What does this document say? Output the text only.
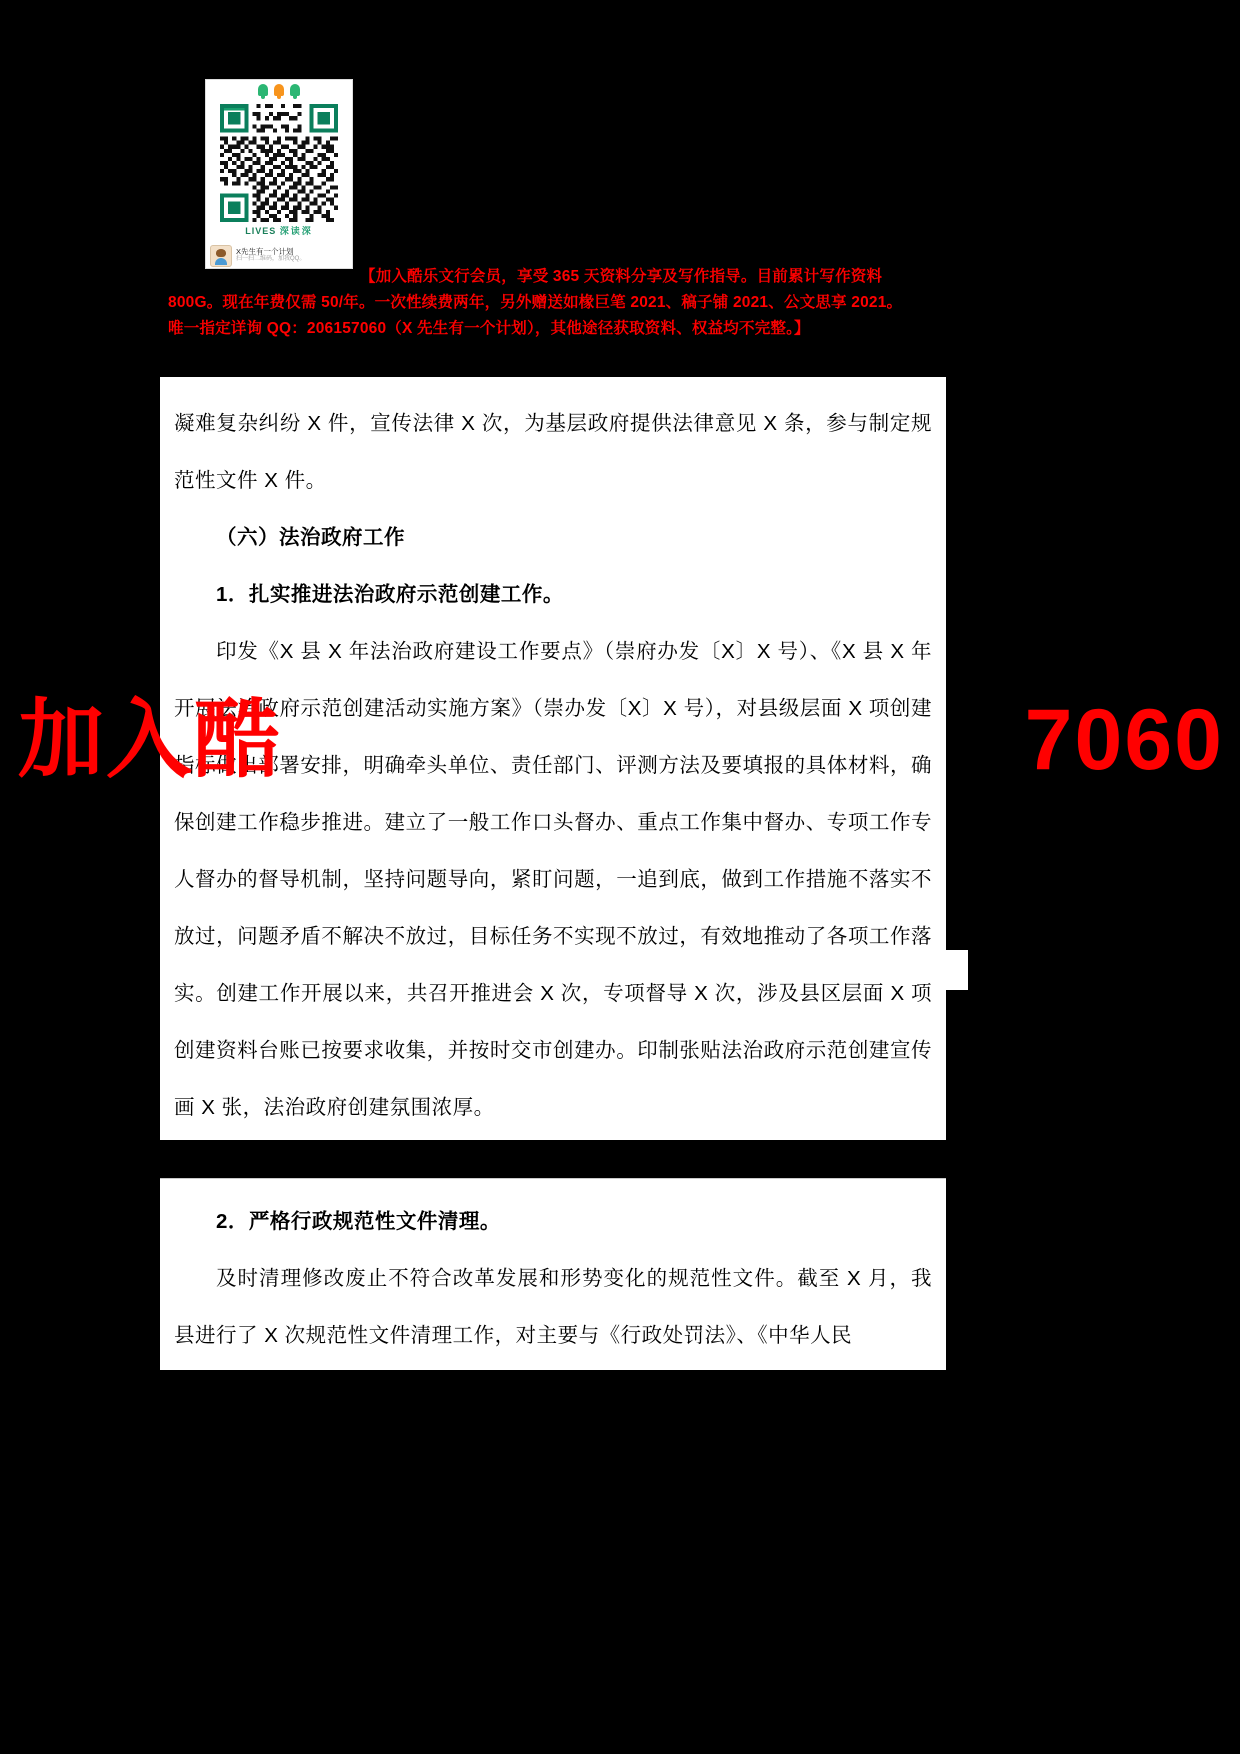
LIVES 深读深
X先生有一个计划
扫一扫二维码，加我QQ。
【加入酷乐文行会员，享受 365 天资料分享及写作指导。目前累计写作资料
800G。现在年费仅需 50/年。一次性续费两年，另外赠送如椽巨笔 2021、稿子铺 2021、公文思享 2021。
唯一指定详询 QQ：206157060（X 先生有一个计划），其他途径获取资料、权益均不完整。】

凝难复杂纠纷 X 件，宣传法律 X 次，为基层政府提供法律意见 X 条，参与制定规范性文件 X 件。

（六）法治政府工作

1．扎实推进法治政府示范创建工作。

印发《X 县 X 年法治政府建设工作要点》（崇府办发〔X〕X 号）、《X 县 X 年开展法治政府示范创建活动实施方案》（崇办发〔X〕X 号），对县级层面 X 项创建指标做出部署安排，明确牵头单位、责任部门、评测方法及要填报的具体材料，确保创建工作稳步推进。建立了一般工作口头督办、重点工作集中督办、专项工作专人督办的督导机制，坚持问题导向，紧盯问题，一追到底，做到工作措施不落实不放过，问题矛盾不解决不放过，目标任务不实现不放过，有效地推动了各项工作落实。创建工作开展以来，共召开推进会 X 次，专项督导 X 次，涉及县区层面 X 项创建资料台账已按要求收集，并按时交市创建办。印制张贴法治政府示范创建宣传画 X 张，法治政府创建氛围浓厚。

2．严格行政规范性文件清理。

及时清理修改废止不符合改革发展和形势变化的规范性文件。截至 X 月，我县进行了 X 次规范性文件清理工作，对主要与《行政处罚法》、《中华人民

加入酷	7060
